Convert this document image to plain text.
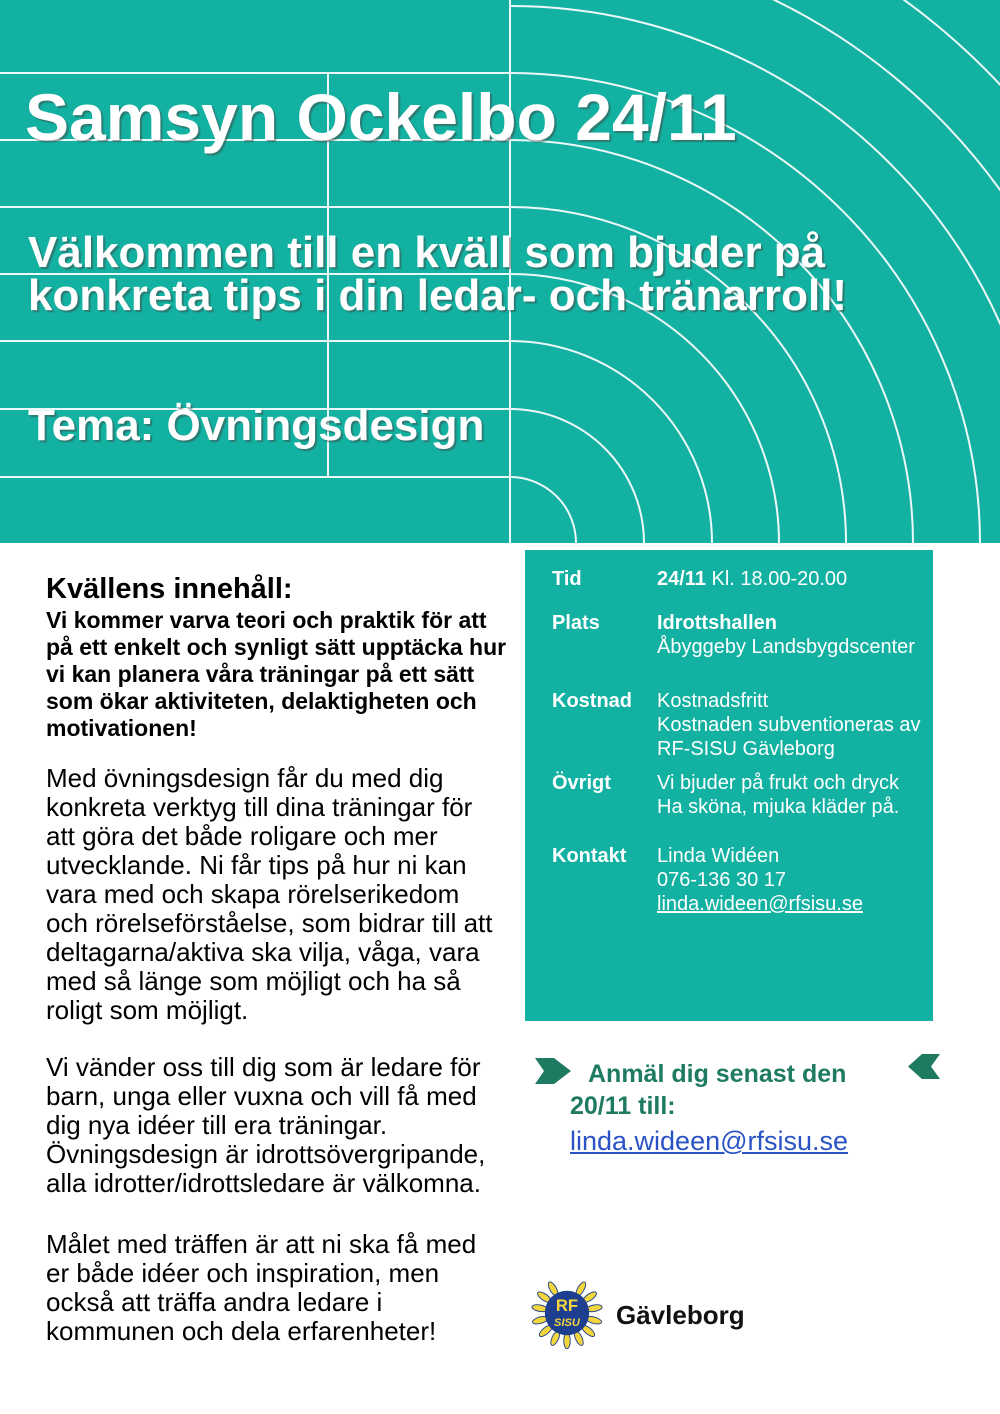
Samsyn Ockelbo 24/11
Välkommen till en kväll som bjuder på
konkreta tips i din ledar- och tränarroll!
Tema: Övningsdesign
Kvällens innehåll:
Vi kommer varva teori och praktik för att
på ett enkelt och synligt sätt upptäcka hur
vi kan planera våra träningar på ett sätt
som ökar aktiviteten, delaktigheten och
motivationen!
Med övningsdesign får du med dig
konkreta verktyg till dina träningar för
att göra det både roligare och mer
utvecklande. Ni får tips på hur ni kan
vara med och skapa rörelserikedom
och rörelseförståelse, som bidrar till att
deltagarna/aktiva ska vilja, våga, vara
med så länge som möjligt och ha så
roligt som möjligt.
Vi vänder oss till dig som är ledare för
barn, unga eller vuxna och vill få med
dig nya idéer till era träningar.
Övningsdesign är idrottsövergripande,
alla idrotter/idrottsledare är välkomna.
Målet med träffen är att ni ska få med
er både idéer och inspiration, men
också att träffa andra ledare i
kommunen och dela erfarenheter!
Tid	24/11 Kl. 18.00-20.00
Plats	Idrottshallen
Åbyggeby Landsbygdscenter
Kostnad Kostnadsfritt
Kostnaden subventioneras av
RF-SISU Gävleborg
Övrigt Vi bjuder på frukt och dryck
Ha sköna, mjuka kläder på.
Kontakt Linda Widéen
076-136 30 17
linda.wideen@rfsisu.se
Anmäl dig senast den
20/11 till:
linda.wideen@rfsisu.se
RF
SISU Gävleborg
